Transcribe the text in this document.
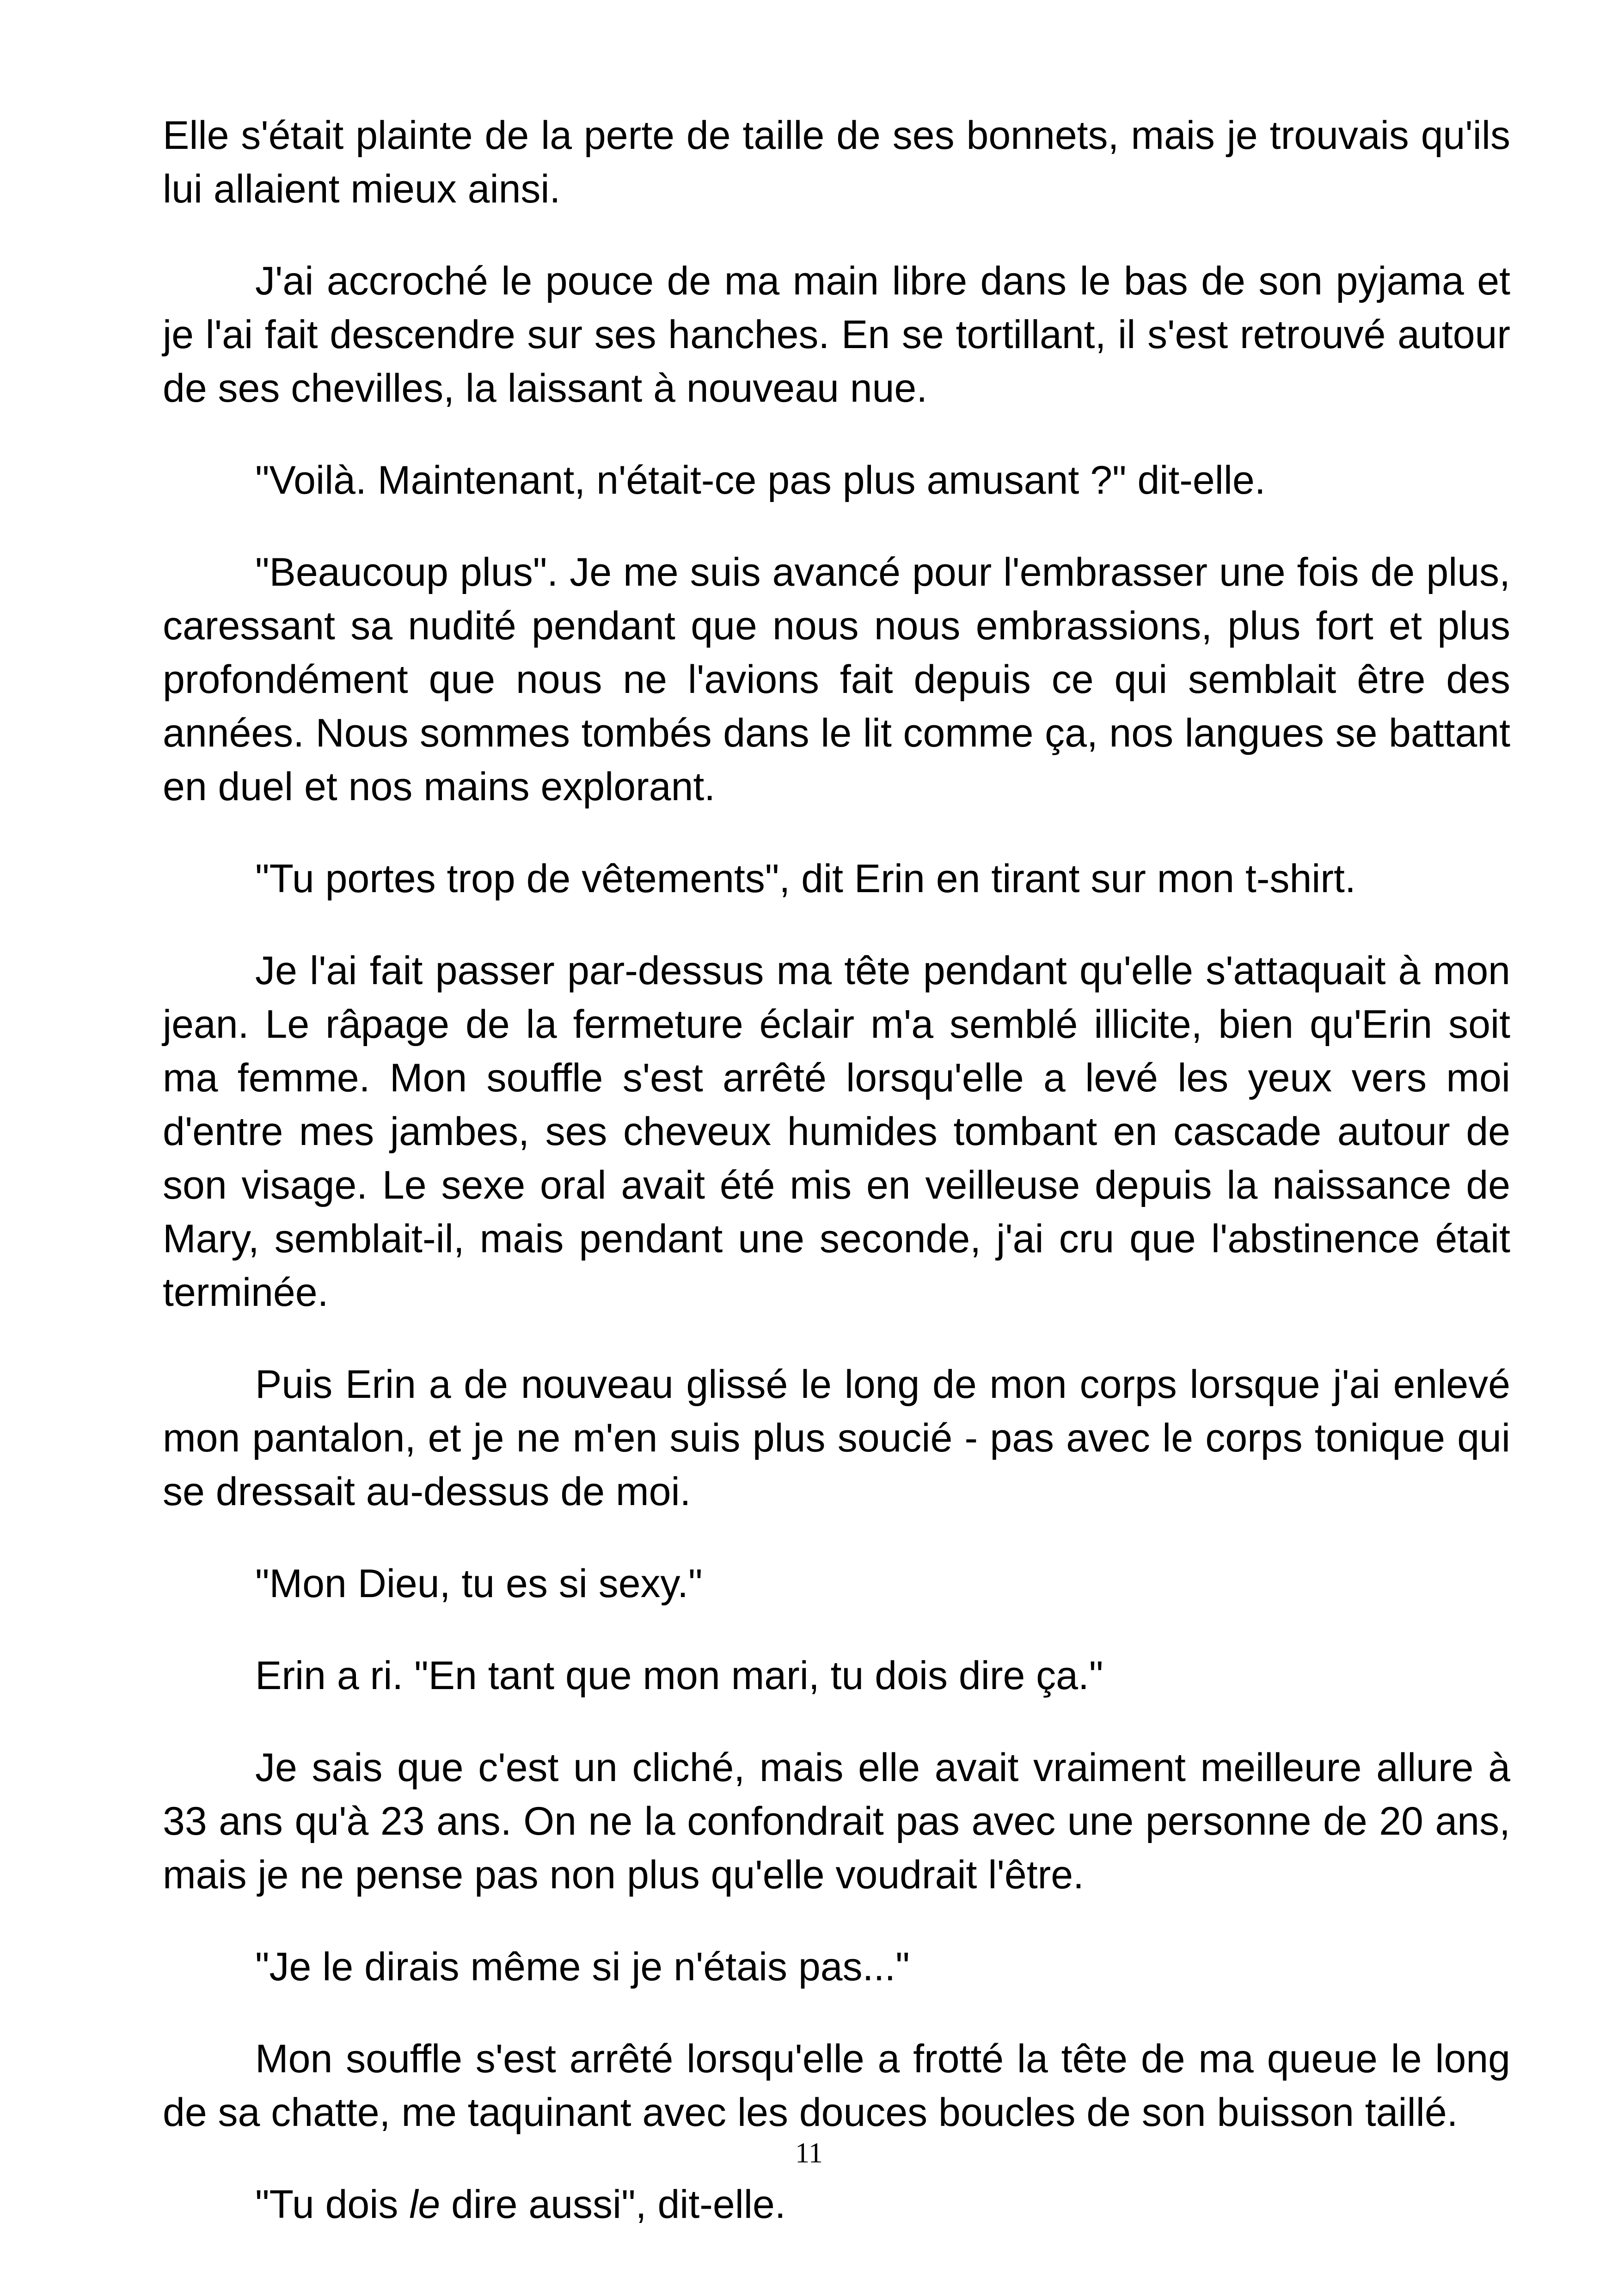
Elle s'était plainte de la perte de taille de ses bonnets, mais je trouvais qu'ils lui allaient mieux ainsi.

J'ai accroché le pouce de ma main libre dans le bas de son pyjama et je l'ai fait descendre sur ses hanches. En se tortillant, il s'est retrouvé autour de ses chevilles, la laissant à nouveau nue.

"Voilà. Maintenant, n'était-ce pas plus amusant ?" dit-elle.

"Beaucoup plus". Je me suis avancé pour l'embrasser une fois de plus, caressant sa nudité pendant que nous nous embrassions, plus fort et plus profondément que nous ne l'avions fait depuis ce qui semblait être des années. Nous sommes tombés dans le lit comme ça, nos langues se battant en duel et nos mains explorant.

"Tu portes trop de vêtements", dit Erin en tirant sur mon t-shirt.

Je l'ai fait passer par-dessus ma tête pendant qu'elle s'attaquait à mon jean. Le râpage de la fermeture éclair m'a semblé illicite, bien qu'Erin soit ma femme. Mon souffle s'est arrêté lorsqu'elle a levé les yeux vers moi d'entre mes jambes, ses cheveux humides tombant en cascade autour de son visage. Le sexe oral avait été mis en veilleuse depuis la naissance de Mary, semblait-il, mais pendant une seconde, j'ai cru que l'abstinence était terminée.

Puis Erin a de nouveau glissé le long de mon corps lorsque j'ai enlevé mon pantalon, et je ne m'en suis plus soucié - pas avec le corps tonique qui se dressait au-dessus de moi.

"Mon Dieu, tu es si sexy."

Erin a ri. "En tant que mon mari, tu dois dire ça."

Je sais que c'est un cliché, mais elle avait vraiment meilleure allure à 33 ans qu'à 23 ans. On ne la confondrait pas avec une personne de 20 ans, mais je ne pense pas non plus qu'elle voudrait l'être.

"Je le dirais même si je n'étais pas..."

Mon souffle s'est arrêté lorsqu'elle a frotté la tête de ma queue le long de sa chatte, me taquinant avec les douces boucles de son buisson taillé.

"Tu dois le dire aussi", dit-elle.

11
